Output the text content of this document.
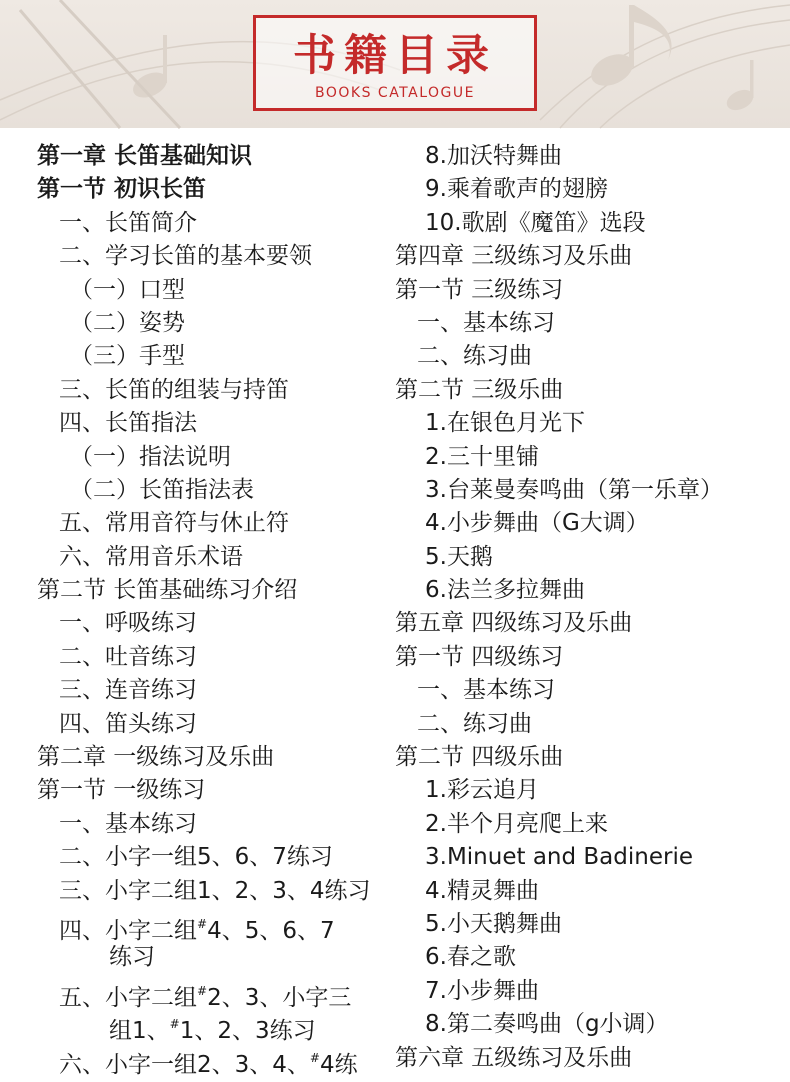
书籍目录
BOOKS CATALOGUE
第一章 长笛基础知识
第一节 初识长笛
一、长笛简介
二、学习长笛的基本要领
（一）口型
（二）姿势
（三）手型
三、长笛的组装与持笛
四、长笛指法
（一）指法说明
（二）长笛指法表
五、常用音符与休止符
六、常用音乐术语
第二节 长笛基础练习介绍
一、呼吸练习
二、吐音练习
三、连音练习
四、笛头练习
第二章 一级练习及乐曲
第一节 一级练习
一、基本练习
二、小字一组5、6、7练习
三、小字二组1、2、3、4练习
四、小字二组#4、5、6、7
练习
五、小字二组#2、3、小字三
组1、#1、2、3练习
六、小字一组2、3、4、#4练
8.加沃特舞曲
9.乘着歌声的翅膀
10.歌剧《魔笛》选段
第四章 三级练习及乐曲
第一节 三级练习
一、基本练习
二、练习曲
第二节 三级乐曲
1.在银色月光下
2.三十里铺
3.台莱曼奏鸣曲（第一乐章）
4.小步舞曲（G大调）
5.天鹅
6.法兰多拉舞曲
第五章 四级练习及乐曲
第一节 四级练习
一、基本练习
二、练习曲
第二节 四级乐曲
1.彩云追月
2.半个月亮爬上来
3.Minuet and Badinerie
4.精灵舞曲
5.小天鹅舞曲
6.春之歌
7.小步舞曲
8.第二奏鸣曲（g小调）
第六章 五级练习及乐曲
